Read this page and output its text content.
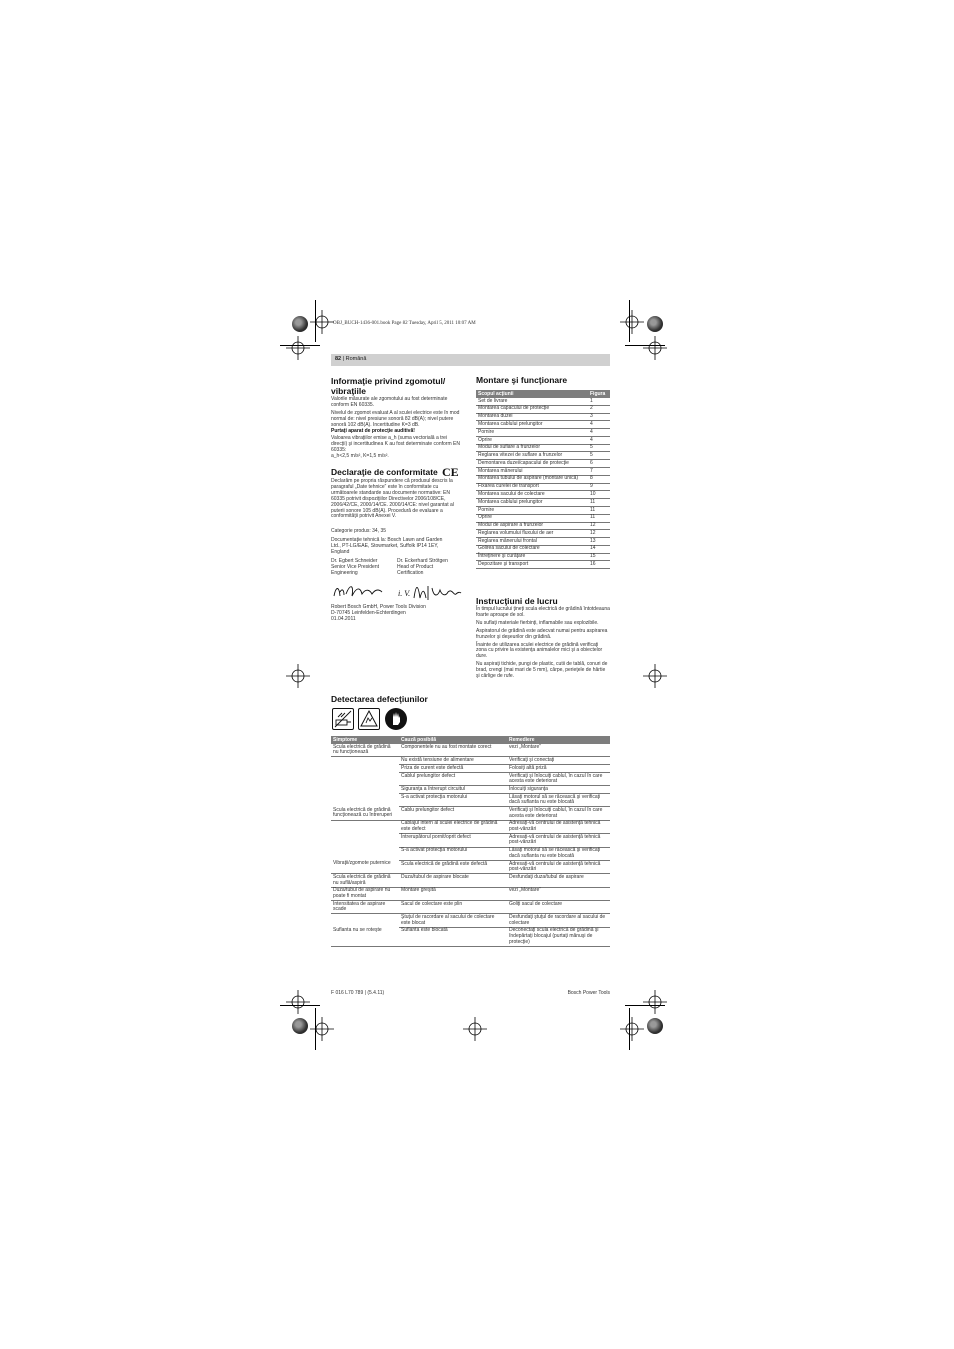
OBJ_BUCH-1436-001.book Page 82 Tuesday, April 5, 2011 10:07 AM
82 | Română
Informaţie privind zgomotul/
vibraţiile

Valorile măsurate ale zgomotului au fost determinate conform EN 60335.

Nivelul de zgomot evaluat A al sculei electrice este în mod normal de: nivel presiune sonoră 82 dB(A); nivel putere sonoră 102 dB(A). Incertitudine K=3 dB.
Purtaţi aparat de protecţie auditivă!

Valoarea vibraţiilor emise a_h (suma vectorială a trei direcţii) şi incertitudinea K au fost determinate conform EN 60335:
a_h<2,5 m/s², K=1,5 m/s².

Declaraţie de conformitate CE

Declarăm pe propria răspundere că produsul descris la paragraful „Date tehnice“ este în conformitate cu următoarele standarde sau documente normative: EN 60335 potrivit dispoziţiilor Directivelor 2006/108/CE, 2006/42/CE, 2000/14/CE. 2000/14/CE: nivel garantat al puterii sonore 105 dB(A). Procedură de evaluare a conformităţii potrivit Anexei V.

Categorie produs: 34, 35

Documentaţie tehnică la: Bosch Lawn and Garden Ltd., PT-LG/EAE, Stowmarket, Suffolk IP14 1EY, England

Dr. Egbert Schneider
Senior Vice President
Engineering
Dr. Eckerhard Strötgen
Head of Product
Certification
i. V.
Robert Bosch GmbH, Power Tools Division
D-70745 Leinfelden-Echterdingen
01.04.2011
Montare şi funcţionare
Scopul acţiunii	Figura
Set de livrare	1
Montarea capacului de protecţie	2
Montarea duzei	3
Montarea cablului prelungitor	4
Pornire	4
Oprire	4
Modul de suflare a frunzelor	5
Reglarea vitezei de suflare a frunzelor	5
Demontarea duzei/capacului de protecţie	6
Montarea mânerului	7
Montarea tubului de aspirare (montare unică)	8
Fixarea curelei de transport	9
Montarea sacului de colectare	10
Montarea cablului prelungitor	11
Pornire	11
Oprire	11
Modul de aspirare a frunzelor	12
Reglarea volumului fluxului de aer	12
Reglarea mânerului frontal	13
Golirea sacului de colectare	14
Întreţinere şi curăţare	15
Depozitare şi transport	16
Instrucţiuni de lucru

În timpul lucrului ţineţi scula electrică de grădină întotdeauna foarte aproape de sol.

Nu suflaţi materiale fierbinţi, inflamabile sau explozibile.

Aspiratorul de grădină este adecvat numai pentru aspirarea frunzelor şi deşeurilor din grădină.

Înainte de utilizarea sculei electrice de grădină verificaţi zona cu privire la existenţa animalelor mici şi a obiectelor dure.

Nu aspiraţi tichide, pungi de plastic, cutii de tablă, conuri de brad, crengi (mai mari de 5 mm), cârpe, perieţele de hârtie şi cârlige de rufe.

Detectarea defecţiunilor
Simptome	Cauză posibilă	Remediere
Scula electrică de grădină nu funcţionează	Componentele nu au fost montate corect	vezi „Montare“
	Nu există tensiune de alimentare	Verificaţi şi conectaţi
	Priza de curent este defectă	Folosiţi altă priză
	Cablul prelungitor defect	Verificaţi şi înlocuiţi cablul, în cazul în care acesta este deteriorat
	Siguranţa a întrerupt circuitul	Înlocuiţi siguranţa
	S-a activat protecţia motorului	Lăsaţi motorul să se răcească şi verificaţi dacă suflanta nu este blocată
Scula electrică de grădină funcţionează cu întreruperi	Cablu prelungitor defect	Verificaţi şi înlocuiţi cablul, în cazul în care acesta este deteriorat
	Cablajul intern al sculei electrice de grădină este defect	Adresaţi-vă centrului de asistenţă tehnică post-vânzări
	Întrerupătorul pornit/oprit defect	Adresaţi-vă centrului de asistenţă tehnică post-vânzări
	S-a activat protecţia motorului	Lăsaţi motorul să se răcească şi verificaţi dacă suflanta nu este blocată
Vibraţii/zgomote puternice	Scula electrică de grădină este defectă	Adresaţi-vă centrului de asistenţă tehnică post-vânzări
Scula electrică de grădină nu suflă/aspiră	Duza/tubul de aspirare blocate	Desfundaţi duza/tubul de aspirare
Duza/tubul de aspirare nu poate fi montat	Montare greşită	vezi „Montare“
Intensitatea de aspirare scade	Sacul de colectare este plin	Goliţi sacul de colectare
	Ştuţul de racordare al sacului de colectare este blocat	Desfundaţi ştuţul de racordare al sacului de colectare
Suflanta nu se roteşte	Suflanta este blocată	Deconectaţi scula electrică de grădină şi îndepărtaţi blocajul (purtaţi mănuşi de protecţie)
F 016 L70 789 | (5.4.11)	Bosch Power Tools
